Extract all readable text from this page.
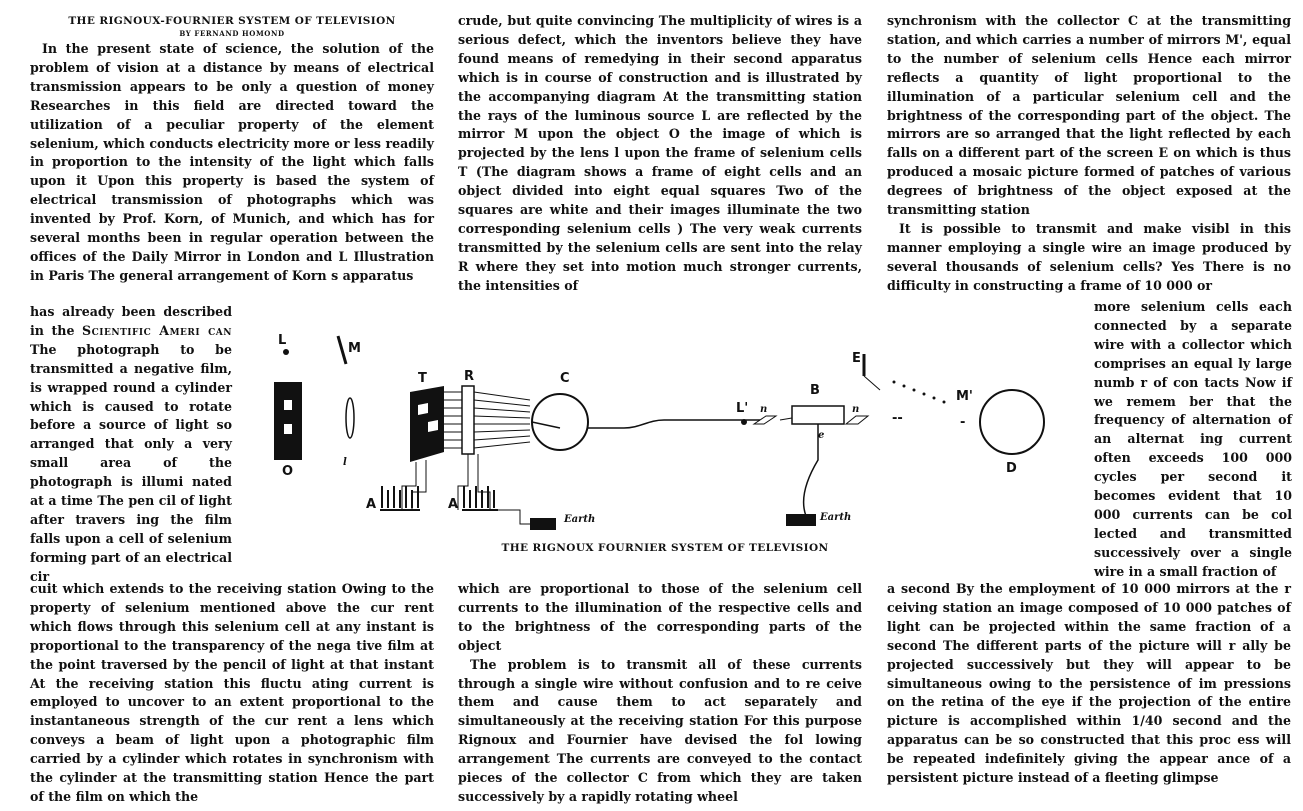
THE RIGNOUX-FOURNIER SYSTEM OF TELEVISION
BY FERNAND HOMOND

In the present state of science, the solution of the problem of vision at a distance by means of electrical transmission appears to be only a question of money Researches in this field are directed toward the utilization of a peculiar property of the element selenium, which conducts electricity more or less readily in proportion to the intensity of the light which falls upon it Upon this property is based the system of electrical transmission of photographs which was invented by Prof. Korn, of Munich, and which has for several months been in regular operation between the offices of the Daily Mirror in London and L Illustration in Paris The general arrangement of Korn s apparatus

has already been described in the Scientific Ameri can The photograph to be transmitted a negative film, is wrapped round a cylinder which is caused to rotate before a source of light so arranged that only a very small area of the photograph is illumi nated at a time The pen cil of light after travers ing the film falls upon a cell of selenium forming part of an electrical cir

crude, but quite convincing The multiplicity of wires is a serious defect, which the inventors believe they have found means of remedying in their second apparatus which is in course of construction and is illustrated by the accompanying diagram At the transmitting station the rays of the luminous source L are reflected by the mirror M upon the object O the image of which is projected by the lens l upon the frame of selenium cells T (The diagram shows a frame of eight cells and an object divided into eight equal squares Two of the squares are white and their images illuminate the two corresponding selenium cells ) The very weak currents transmitted by the selenium cells are sent into the relay R where they set into motion much stronger currents, the intensities of

synchronism with the collector C at the transmitting station, and which carries a number of mirrors M', equal to the number of selenium cells Hence each mirror reflects a quantity of light proportional to the illumination of a particular selenium cell and the brightness of the corresponding part of the object. The mirrors are so arranged that the light reflected by each falls on a different part of the screen E on which is thus produced a mosaic picture formed of patches of various degrees of brightness of the object exposed at the transmitting station

It is possible to transmit and make visibl in this manner employing a single wire an image produced by several thousands of selenium cells? Yes There is no difficulty in constructing a frame of 10 000 or

more selenium cells each connected by a separate wire with a collector which comprises an equal ly large numb r of con tacts Now if we remem ber that the frequency of alternation of an alternat ing current often exceeds 100 000 cycles per second it becomes evident that 10 000 currents can be col lected and transmitted successively over a single wire in a small fraction of

L
M
O
l
T
A
R
A
Earth
C
L' n
B
e
n
--
Earth
E
M'
-
D
THE RIGNOUX FOURNIER SYSTEM OF TELEVISION

cuit which extends to the receiving station Owing to the property of selenium mentioned above the cur rent which flows through this selenium cell at any instant is proportional to the transparency of the nega tive film at the point traversed by the pencil of light at that instant At the receiving station this fluctu ating current is employed to uncover to an extent proportional to the instantaneous strength of the cur rent a lens which conveys a beam of light upon a photographic film carried by a cylinder which rotates in synchronism with the cylinder at the transmitting station Hence the part of the film on which the

which are proportional to those of the selenium cell currents to the illumination of the respective cells and to the brightness of the corresponding parts of the object

The problem is to transmit all of these currents through a single wire without confusion and to re ceive them and cause them to act separately and simultaneously at the receiving station For this purpose Rignoux and Fournier have devised the fol lowing arrangement The currents are conveyed to the contact pieces of the collector C from which they are taken successively by a rapidly rotating wheel

a second By the employment of 10 000 mirrors at the r ceiving station an image composed of 10 000 patches of light can be projected within the same fraction of a second The different parts of the picture will r ally be projected successively but they will appear to be simultaneous owing to the persistence of im pressions on the retina of the eye if the projection of the entire picture is accomplished within 1/40 second and the apparatus can be so constructed that this proc ess will be repeated indefinitely giving the appear ance of a persistent picture instead of a fleeting glimpse
